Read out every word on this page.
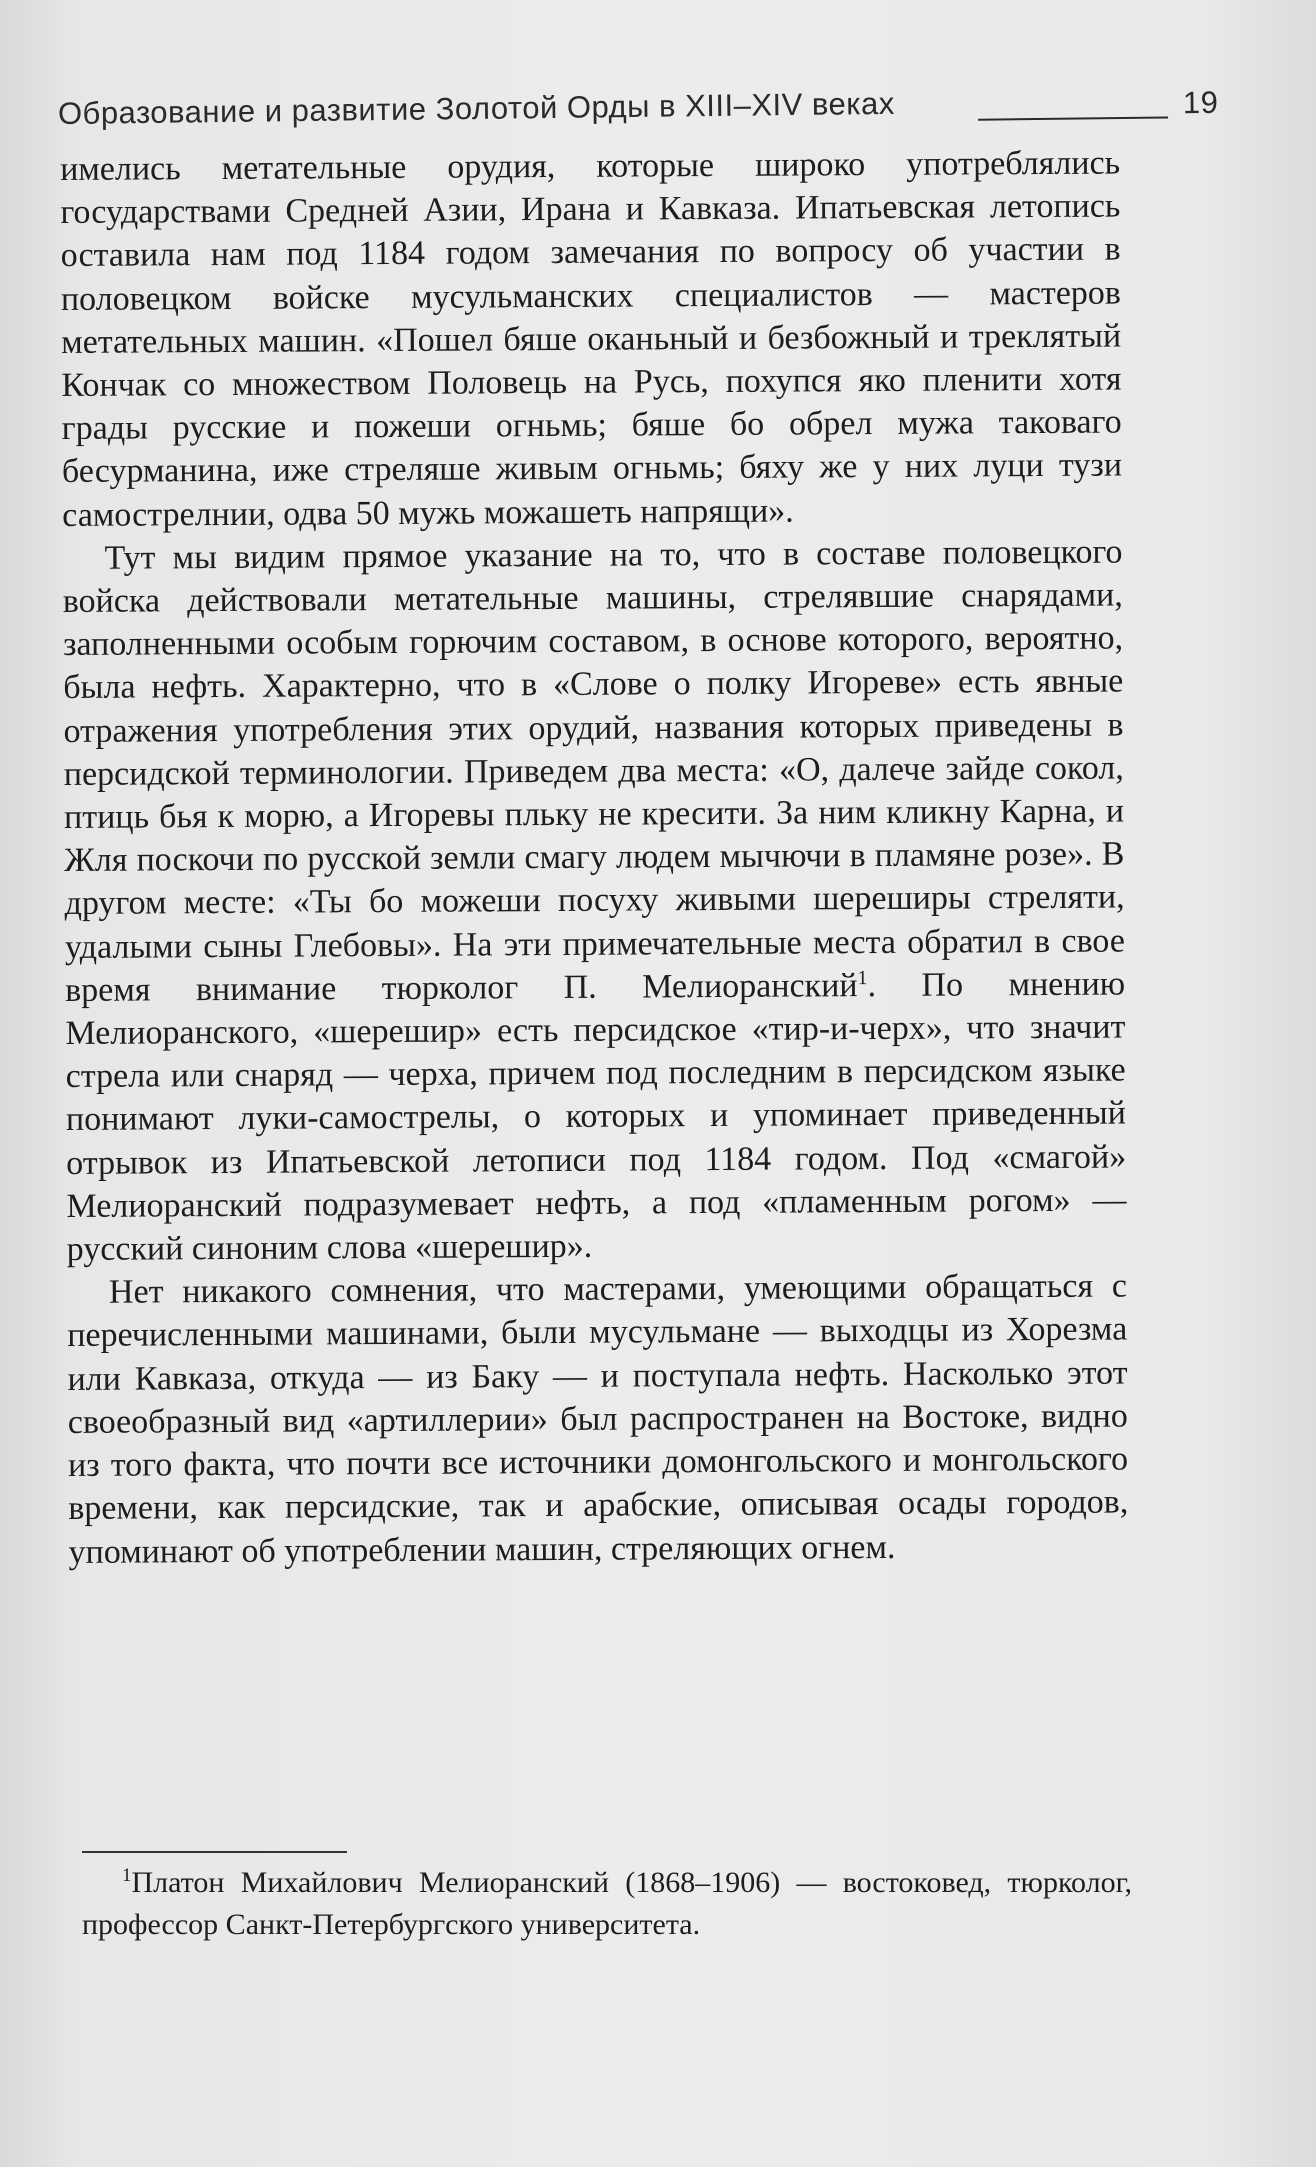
Образование и развитие Золотой Орды в XIII–XIV веках	19

имелись метательные орудия, которые широко употреблялись государствами Средней Азии, Ирана и Кавказа. Ипатьевская летопись оставила нам под 1184 годом замечания по вопросу об участии в половецком войске мусульманских специалистов — мастеров метательных машин. «Пошел бяше оканьный и безбожный и треклятый Кончак со множеством Половець на Русь, похупся яко пленити хотя грады русские и пожеши огньмь; бяше бо обрел мужа таковаго бесурманина, иже стреляше живым огньмь; бяху же у них луци тузи самострелнии, одва 50 мужь можашеть напрящи».

Тут мы видим прямое указание на то, что в составе половецкого войска действовали метательные машины, стрелявшие снарядами, заполненными особым горючим составом, в основе которого, вероятно, была нефть. Характерно, что в «Слове о полку Игореве» есть явные отражения употребления этих орудий, названия которых приведены в персидской терминологии. Приведем два места: «О, далече зайде сокол, птиць бья к морю, а Игоревы пльку не кресити. За ним кликну Карна, и Жля поскочи по русской земли смагу людем мычючи в пламяне розе». В другом месте: «Ты бо можеши посуху живыми шереширы стреляти, удалыми сыны Глебовы». На эти примечательные места обратил в свое время внимание тюрколог П. Мелиоранский$^1$. По мнению Мелиоранского, «шерешир» есть персидское «тир-и-черх», что значит стрела или снаряд — черха, причем под последним в персидском языке понимают луки-самострелы, о которых и упоминает приведенный отрывок из Ипатьевской летописи под 1184 годом. Под «смагой» Мелиоранский подразумевает нефть, а под «пламенным рогом» — русский синоним слова «шерешир».

Нет никакого сомнения, что мастерами, умеющими обращаться с перечисленными машинами, были мусульмане — выходцы из Хорезма или Кавказа, откуда — из Баку — и поступала нефть. Насколько этот своеобразный вид «артиллерии» был распространен на Востоке, видно из того факта, что почти все источники домонгольского и монгольского времени, как персидские, так и арабские, описывая осады городов, упоминают об употреблении машин, стреляющих огнем.

$^1$Платон Михайлович Мелиоранский (1868–1906) — востоковед, тюрколог, профессор Санкт-Петербургского университета.
